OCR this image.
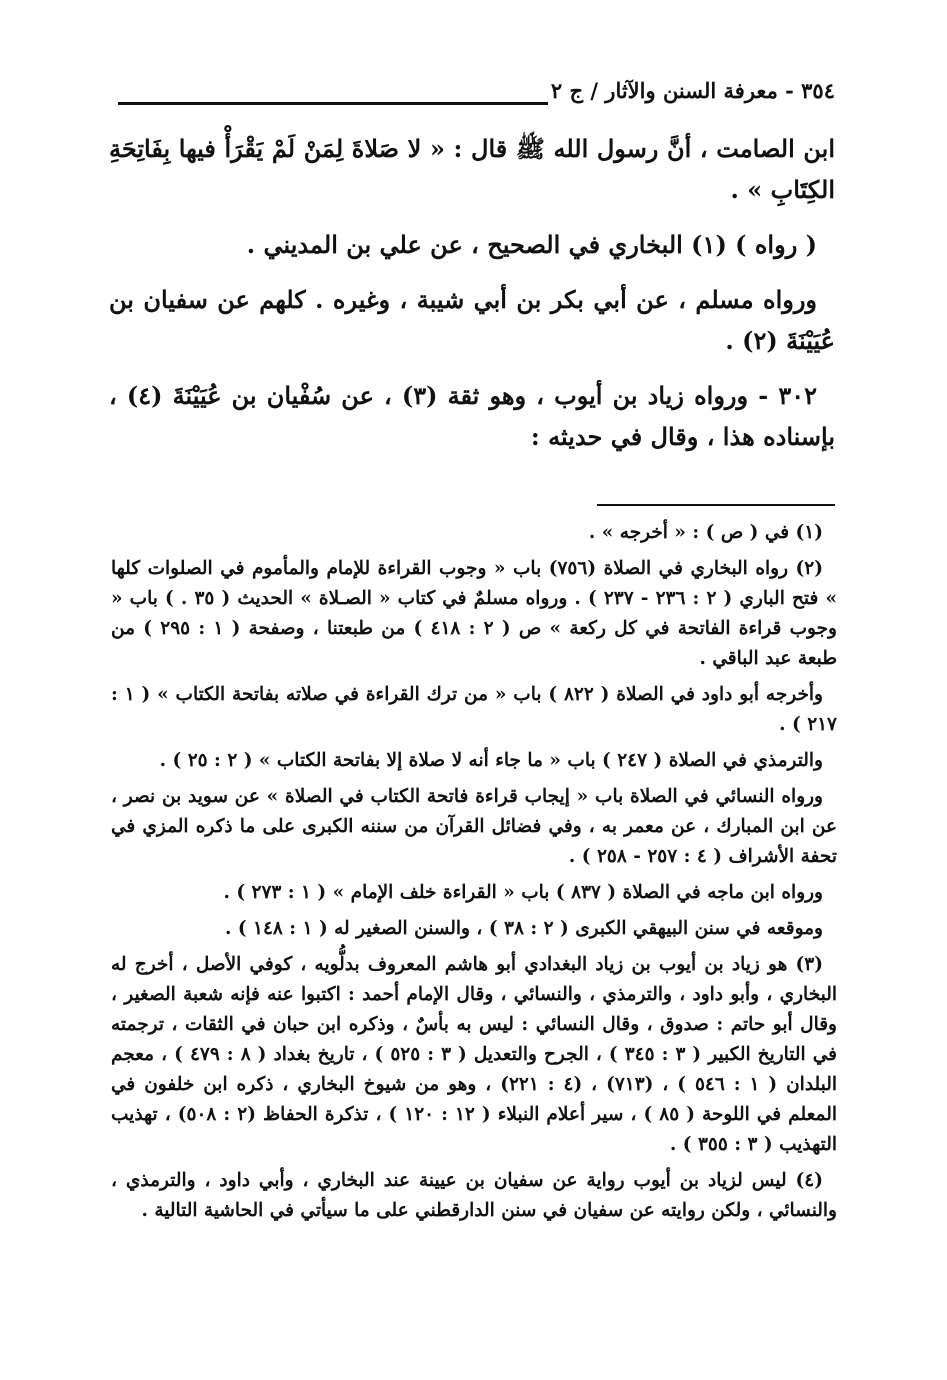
٣٥٤ - معرفة السنن والآثار / ج ٢

ابن الصامت ، أنَّ رسول الله ﷺ قال : « لا صَلاةَ لِمَنْ لَمْ يَقْرَأْ فيها بِفَاتِحَةِ الكِتَابِ » .

( رواه ) (١) البخاري في الصحيح ، عن علي بن المديني .

ورواه مسلم ، عن أبي بكر بن أبي شيبة ، وغيره . كلهم عن سفيان بن عُيَيْنَةَ (٢) .

٣٠٢ - ورواه زياد بن أيوب ، وهو ثقة (٣) ، عن سُفْيان بن عُيَيْنَةَ (٤) ، بإسناده هذا ، وقال في حديثه :

(١) في ( ص ) : « أخرجه » .

(٢) رواه البخاري في الصلاة (٧٥٦) باب « وجوب القراءة للإمام والمأموم في الصلوات كلها » فتح الباري ( ٢ : ٢٣٦ - ٢٣٧ ) . ورواه مسلمٌ في كتاب « الصـلاة » الحديث ( ٣٥ . ) باب « وجوب قراءة الفاتحة في كل ركعة » ص ( ٢ : ٤١٨ ) من طبعتنا ، وصفحة ( ١ : ٢٩٥ ) من طبعة عبد الباقي .

وأخرجه أبو داود في الصلاة ( ٨٢٢ ) باب « من ترك القراءة في صلاته بفاتحة الكتاب » ( ١ : ٢١٧ ) .

والترمذي في الصلاة ( ٢٤٧ ) باب « ما جاء أنه لا صلاة إلا بفاتحة الكتاب » ( ٢ : ٢٥ ) .

ورواه النسائي في الصلاة باب « إيجاب قراءة فاتحة الكتاب في الصلاة » عن سويد بن نصر ، عن ابن المبارك ، عن معمر به ، وفي فضائل القرآن من سننه الكبرى على ما ذكره المزي في تحفة الأشراف ( ٤ : ٢٥٧ - ٢٥٨ ) .

ورواه ابن ماجه في الصلاة ( ٨٣٧ ) باب « القراءة خلف الإمام » ( ١ : ٢٧٣ ) .

وموقعه في سنن البيهقي الكبرى ( ٢ : ٣٨ ) ، والسنن الصغير له ( ١ : ١٤٨ ) .

(٣) هو زياد بن أيوب بن زياد البغدادي أبو هاشم المعروف بدلُّويه ، كوفي الأصل ، أخرج له البخاري ، وأبو داود ، والترمذي ، والنسائي ، وقال الإمام أحمد : اكتبوا عنه فإنه شعبة الصغير ، وقال أبو حاتم : صدوق ، وقال النسائي : ليس به بأسٌ ، وذكره ابن حبان في الثقات ، ترجمته في التاريخ الكبير ( ٣ : ٣٤٥ ) ، الجرح والتعديل ( ٣ : ٥٢٥ ) ، تاريخ بغداد ( ٨ : ٤٧٩ ) ، معجم البلدان ( ١ : ٥٤٦ ) ، (٧١٣) ، (٤ : ٢٢١) ، وهو من شيوخ البخاري ، ذكره ابن خلفون في المعلم في اللوحة ( ٨٥ ) ، سير أعلام النبلاء ( ١٢ : ١٢٠ ) ، تذكرة الحفاظ (٢ : ٥٠٨) ، تهذيب التهذيب ( ٣ : ٣٥٥ ) .

(٤) ليس لزياد بن أيوب رواية عن سفيان بن عيينة عند البخاري ، وأبي داود ، والترمذي ، والنسائي ، ولكن روايته عن سفيان في سنن الدارقطني على ما سيأتي في الحاشية التالية .
